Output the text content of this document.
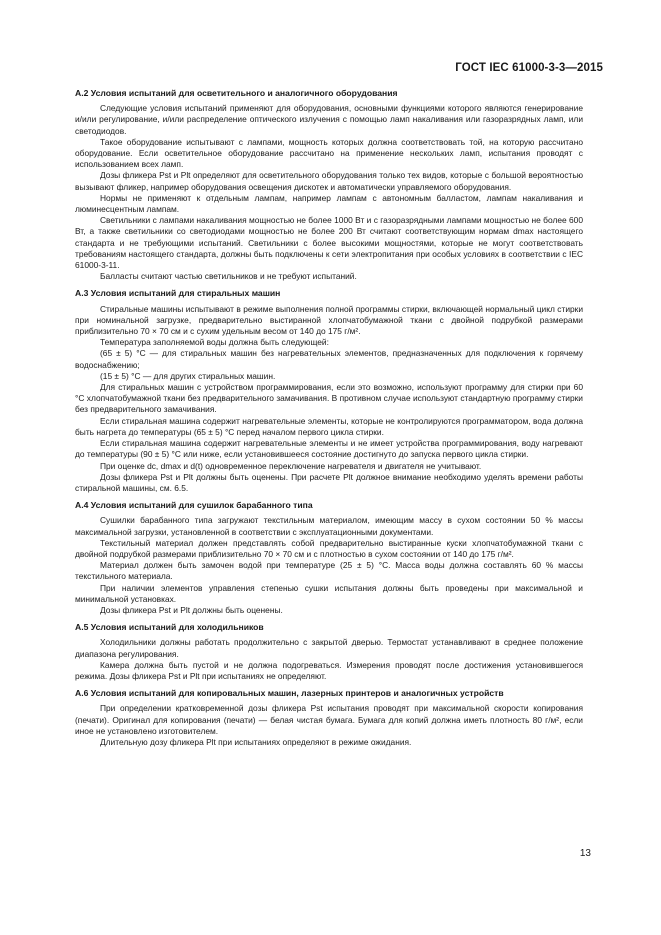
ГОСТ IEC 61000-3-3—2015
А.2 Условия испытаний для осветительного и аналогичного оборудования

Следующие условия испытаний применяют для оборудования, основными функциями которого являются генерирование и/или регулирование, и/или распределение оптического излучения с помощью ламп накаливания или газоразрядных ламп, или светодиодов.

Такое оборудование испытывают с лампами, мощность которых должна соответствовать той, на которую рассчитано оборудование. Если осветительное оборудование рассчитано на применение нескольких ламп, испытания проводят с использованием всех ламп.

Дозы фликера Pst и Plt определяют для осветительного оборудования только тех видов, которые с большой вероятностью вызывают фликер, например оборудования освещения дискотек и автоматически управляемого оборудования.

Нормы не применяют к отдельным лампам, например лампам с автономным балластом, лампам накаливания и люминесцентным лампам.

Светильники с лампами накаливания мощностью не более 1000 Вт и с газоразрядными лампами мощностью не более 600 Вт, а также светильники со светодиодами мощностью не более 200 Вт считают соответствующим нормам dmax настоящего стандарта и не требующими испытаний. Светильники с более высокими мощностями, которые не могут соответствовать требованиям настоящего стандарта, должны быть подключены к сети электропитания при особых условиях в соответствии с IEC 61000-3-11.

Балласты считают частью светильников и не требуют испытаний.

А.3 Условия испытаний для стиральных машин

Стиральные машины испытывают в режиме выполнения полной программы стирки, включающей нормальный цикл стирки при номинальной загрузке, предварительно выстиранной хлопчатобумажной ткани с двойной подрубкой размерами приблизительно 70 × 70 см и с сухим удельным весом от 140 до 175 г/м².

Температура заполняемой воды должна быть следующей:

(65 ± 5) °С — для стиральных машин без нагревательных элементов, предназначенных для подключения к горячему водоснабжению;

(15 ± 5) °С — для других стиральных машин.

Для стиральных машин с устройством программирования, если это возможно, используют программу для стирки при 60 °С хлопчатобумажной ткани без предварительного замачивания. В противном случае используют стандартную программу стирки без предварительного замачивания.

Если стиральная машина содержит нагревательные элементы, которые не контролируются программатором, вода должна быть нагрета до температуры (65 ± 5) °С перед началом первого цикла стирки.

Если стиральная машина содержит нагревательные элементы и не имеет устройства программирования, воду нагревают до температуры (90 ± 5) °С или ниже, если установившееся состояние достигнуто до запуска первого цикла стирки.

При оценке dc, dmax и d(t) одновременное переключение нагревателя и двигателя не учитывают.

Дозы фликера Pst и Plt должны быть оценены. При расчете Plt должное внимание необходимо уделять времени работы стиральной машины, см. 6.5.

А.4 Условия испытаний для сушилок барабанного типа

Сушилки барабанного типа загружают текстильным материалом, имеющим массу в сухом состоянии 50 % массы максимальной загрузки, установленной в соответствии с эксплуатационными документами.

Текстильный материал должен представлять собой предварительно выстиранные куски хлопчатобумажной ткани с двойной подрубкой размерами приблизительно 70 × 70 см и с плотностью в сухом состоянии от 140 до 175 г/м².

Материал должен быть замочен водой при температуре (25 ± 5) °С. Масса воды должна составлять 60 % массы текстильного материала.

При наличии элементов управления степенью сушки испытания должны быть проведены при максимальной и минимальной установках.

Дозы фликера Pst и Plt должны быть оценены.

А.5 Условия испытаний для холодильников

Холодильники должны работать продолжительно с закрытой дверью. Термостат устанавливают в среднее положение диапазона регулирования.

Камера должна быть пустой и не должна подогреваться. Измерения проводят после достижения установившегося режима. Дозы фликера Pst и Plt при испытаниях не определяют.

А.6 Условия испытаний для копировальных машин, лазерных принтеров и аналогичных устройств

При определении кратковременной дозы фликера Pst испытания проводят при максимальной скорости копирования (печати). Оригинал для копирования (печати) — белая чистая бумага. Бумага для копий должна иметь плотность 80 г/м², если иное не установлено изготовителем.

Длительную дозу фликера Plt при испытаниях определяют в режиме ожидания.

13
